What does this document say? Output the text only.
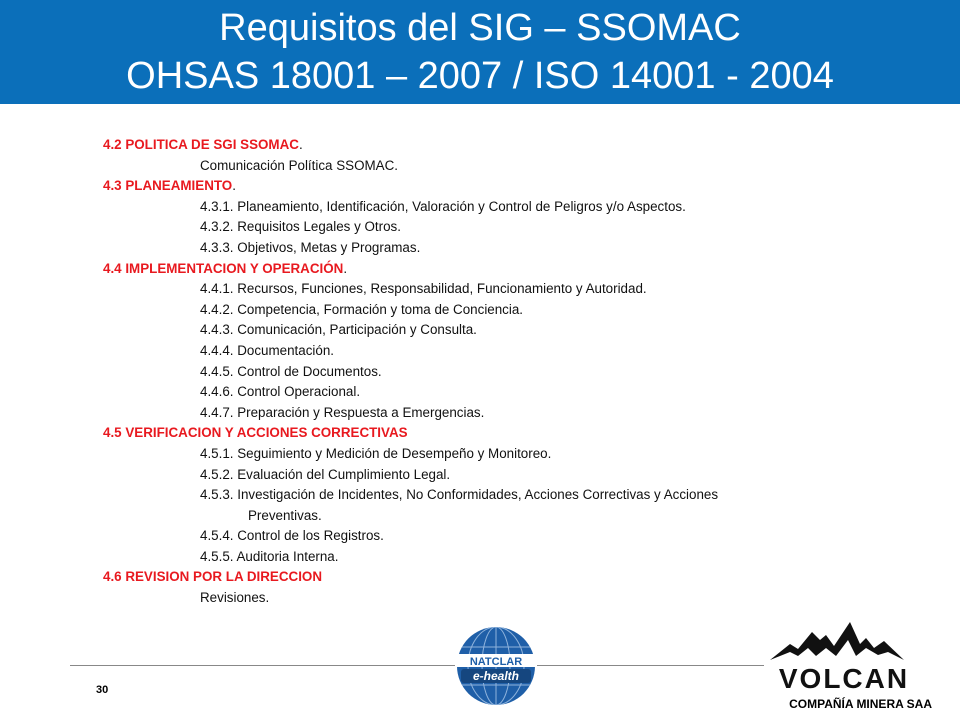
Requisitos del SIG – SSOMAC
OHSAS 18001 – 2007 / ISO 14001 - 2004
4.2 POLITICA DE SGI SSOMAC.
Comunicación Política SSOMAC.
4.3 PLANEAMIENTO.
4.3.1. Planeamiento, Identificación, Valoración y Control de Peligros y/o Aspectos.
4.3.2. Requisitos Legales y Otros.
4.3.3. Objetivos, Metas y Programas.
4.4 IMPLEMENTACION Y OPERACIÓN.
4.4.1. Recursos, Funciones, Responsabilidad, Funcionamiento y Autoridad.
4.4.2. Competencia, Formación y toma de Conciencia.
4.4.3. Comunicación, Participación y Consulta.
4.4.4. Documentación.
4.4.5. Control de Documentos.
4.4.6. Control Operacional.
4.4.7. Preparación y Respuesta a Emergencias.
4.5 VERIFICACION Y ACCIONES CORRECTIVAS
4.5.1. Seguimiento y Medición de Desempeño y Monitoreo.
4.5.2. Evaluación del Cumplimiento Legal.
4.5.3. Investigación de Incidentes, No Conformidades, Acciones Correctivas y Acciones
Preventivas.
4.5.4. Control de los Registros.
4.5.5. Auditoria Interna.
4.6 REVISION POR LA DIRECCION
Revisiones.
NATCLAR
e-health	VOLCAN
30
COMPAÑÍA MINERA SAA
